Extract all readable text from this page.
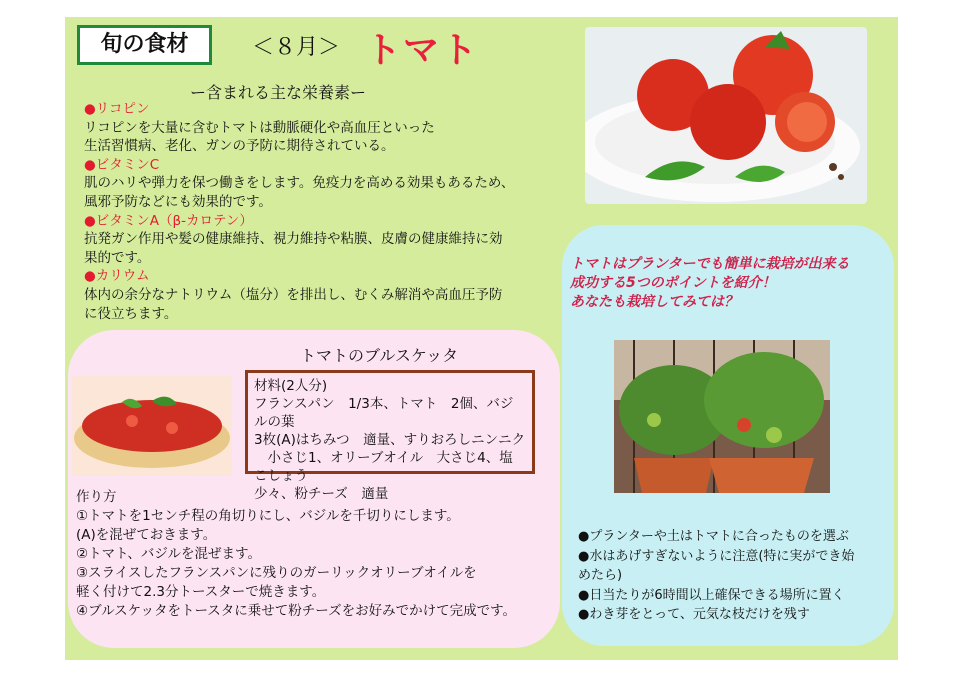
旬の食材	＜８月＞ トマト
ー含まれる主な栄養素ー

●リコピン

リコピンを大量に含むトマトは動脈硬化や高血圧といった

生活習慣病、老化、ガンの予防に期待されている。

●ビタミンC

肌のハリや弾力を保つ働きをします。免疫力を高める効果もあるため、

風邪予防などにも効果的です。

●ビタミンA（β-カロテン）

抗発ガン作用や髪の健康維持、視力維持や粘膜、皮膚の健康維持に効

果的です。

●カリウム

体内の余分なナトリウム（塩分）を排出し、むくみ解消や高血圧予防

に役立ちます。

トマトのブルスケッタ

材料(2人分)

フランスパン　1/3本、トマト　2個、バジルの葉

3枚(A)はちみつ　適量、すりおろしニンニク

　小さじ1、オリーブオイル　大さじ4、塩こしょう

少々、粉チーズ　適量

作り方

①トマトを1センチ程の角切りにし、バジルを千切りにします。

(A)を混ぜておきます。

②トマト、バジルを混ぜます。

③スライスしたフランスパンに残りのガーリックオリーブオイルを

軽く付けて2.3分トースターで焼きます。

④ブルスケッタをトースタに乗せて粉チーズをお好みでかけて完成です。

トマトはプランターでも簡単に栽培が出来る

成功する5つのポイントを紹介！

あなたも栽培してみては？

●プランターや土はトマトに合ったものを選ぶ

●水はあげすぎないように注意(特に実ができ始

めたら)

●日当たりが6時間以上確保できる場所に置く

●わき芽をとって、元気な枝だけを残す
